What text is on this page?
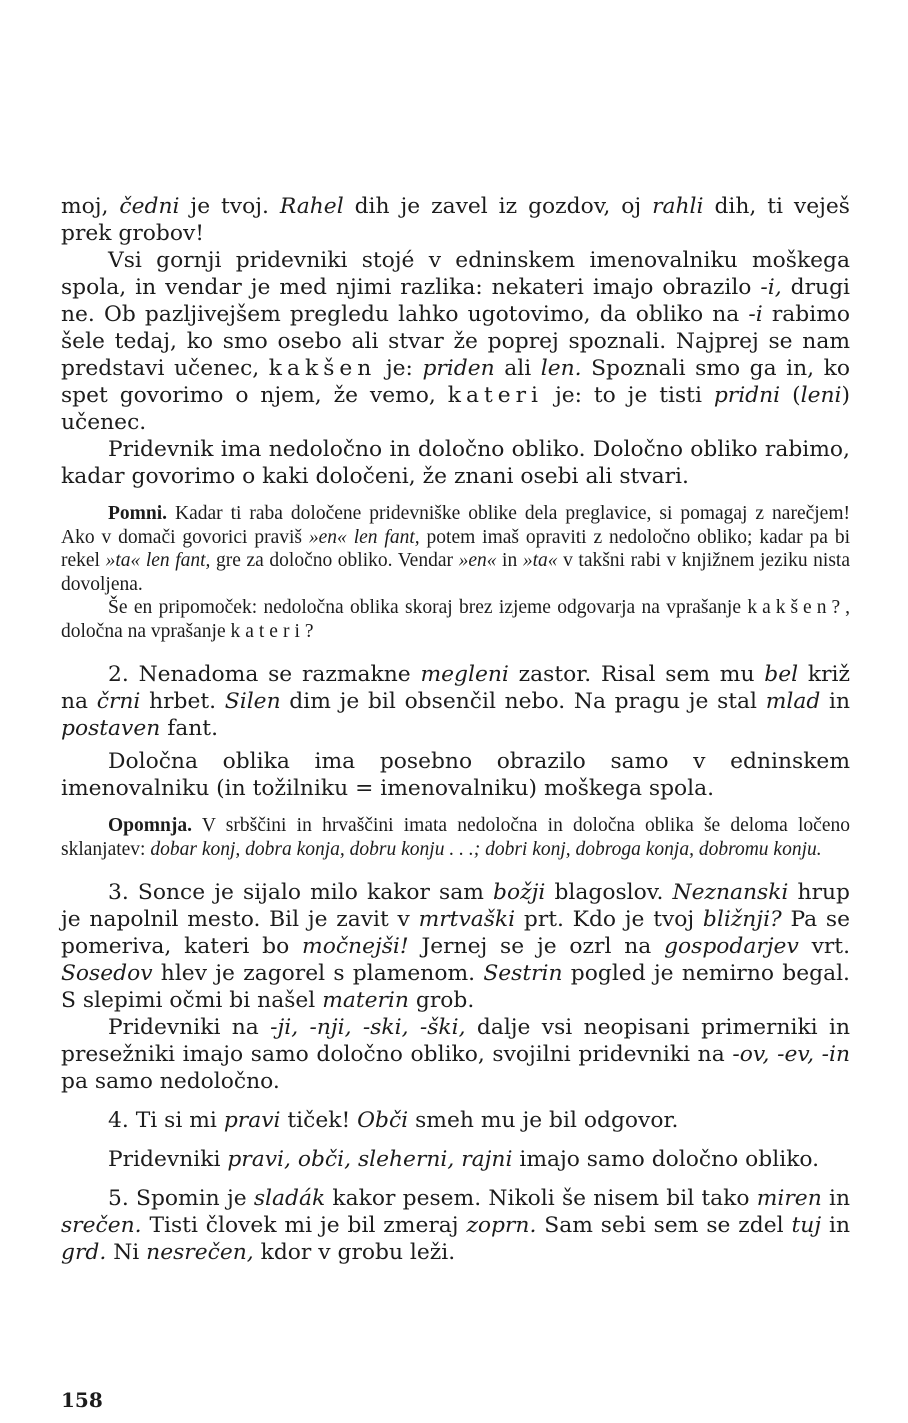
moj, čedni je tvoj. Rahel dih je zavel iz gozdov, oj rahli dih, ti veješ prek grobov!

Vsi gornji pridevniki stojé v edninskem imenovalniku moškega spola, in vendar je med njimi razlika: nekateri imajo obrazilo -i, drugi ne. Ob pazljivejšem pregledu lahko ugotovimo, da obliko na -i rabimo šele tedaj, ko smo osebo ali stvar že poprej spoznali. Najprej se nam predstavi učenec, kakšen je: priden ali len. Spoznali smo ga in, ko spet govorimo o njem, že vemo, kateri je: to je tisti pridni (leni) učenec.

Pridevnik ima nedoločno in določno obliko. Določno obliko rabimo, kadar govorimo o kaki določeni, že znani osebi ali stvari.

Pomni. Kadar ti raba določene pridevniške oblike dela preglavice, si pomagaj z narečjem! Ako v domači govorici praviš »en« len fant, potem imaš opraviti z nedoločno obliko; kadar pa bi rekel »ta« len fant, gre za določno obliko. Vendar »en« in »ta« v takšni rabi v knjižnem jeziku nista dovoljena.

Še en pripomoček: nedoločna oblika skoraj brez izjeme odgovarja na vprašanje kakšen?, določna na vprašanje kateri?

2. Nenadoma se razmakne megleni zastor. Risal sem mu bel križ na črni hrbet. Silen dim je bil obsenčil nebo. Na pragu je stal mlad in postaven fant.

Določna oblika ima posebno obrazilo samo v edninskem imenovalniku (in tožilniku = imenovalniku) moškega spola.

Opomnja. V srbščini in hrvaščini imata nedoločna in določna oblika še deloma ločeno sklanjatev: dobar konj, dobra konja, dobru konju . . .; dobri konj, dobroga konja, dobromu konju.

3. Sonce je sijalo milo kakor sam božji blagoslov. Neznanski hrup je napolnil mesto. Bil je zavit v mrtvaški prt. Kdo je tvoj bližnji? Pa se pomeriva, kateri bo močnejši! Jernej se je ozrl na gospodarjev vrt. Sosedov hlev je zagorel s plamenom. Sestrin pogled je nemirno begal. S slepimi očmi bi našel materin grob.

Pridevniki na -ji, -nji, -ski, -ški, dalje vsi neopisani primerniki in presežniki imajo samo določno obliko, svojilni pridevniki na -ov, -ev, -in pa samo nedoločno.

4. Ti si mi pravi tiček! Obči smeh mu je bil odgovor.

Pridevniki pravi, obči, sleherni, rajni imajo samo določno obliko.

5. Spomin je sladák kakor pesem. Nikoli še nisem bil tako miren in srečen. Tisti človek mi je bil zmeraj zoprn. Sam sebi sem se zdel tuj in grd. Ni nesrečen, kdor v grobu leži.

158
